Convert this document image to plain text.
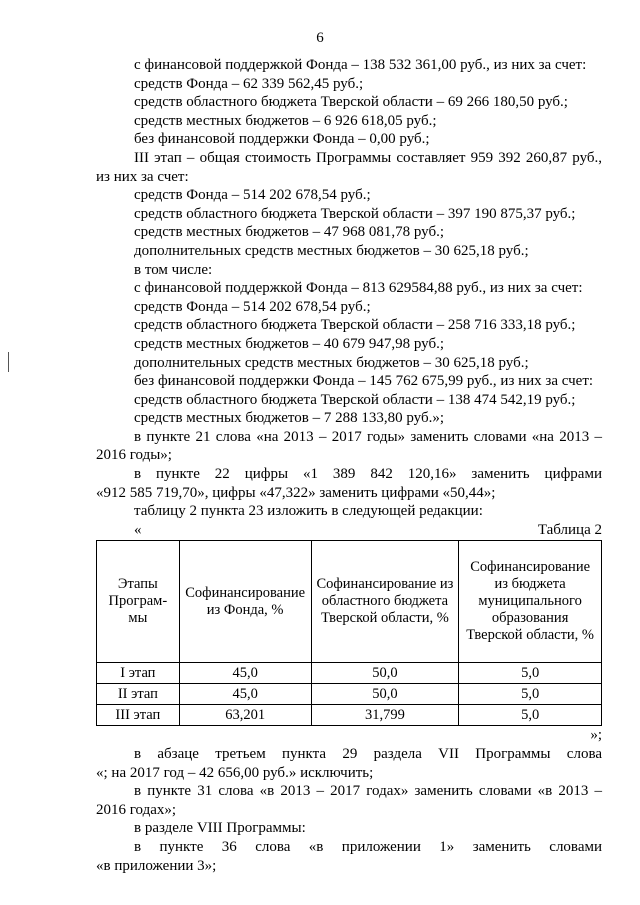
6
с финансовой поддержкой Фонда – 138 532 361,00 руб., из них за счет:
средств Фонда – 62 339 562,45 руб.;
средств областного бюджета Тверской области – 69 266 180,50 руб.;
средств местных бюджетов – 6 926 618,05 руб.;
без финансовой поддержки Фонда – 0,00 руб.;
III этап – общая стоимость Программы составляет 959 392 260,87 руб.,
из них за счет:
средств Фонда – 514 202 678,54 руб.;
средств областного бюджета Тверской области – 397 190 875,37 руб.;
средств местных бюджетов – 47 968 081,78 руб.;
дополнительных средств местных бюджетов – 30 625,18 руб.;
в том числе:
с финансовой поддержкой Фонда – 813 629584,88 руб., из них за счет:
средств Фонда – 514 202 678,54 руб.;
средств областного бюджета Тверской области – 258 716 333,18 руб.;
средств местных бюджетов – 40 679 947,98 руб.;
дополнительных средств местных бюджетов – 30 625,18 руб.;
без финансовой поддержки Фонда – 145 762 675,99 руб., из них за счет:
средств областного бюджета Тверской области – 138 474 542,19 руб.;
средств местных бюджетов – 7 288 133,80 руб.»;
в пункте 21 слова «на 2013 – 2017 годы» заменить словами «на 2013 –
2016 годы»;
в пункте 22 цифры «1 389 842 120,16» заменить цифрами
«912 585 719,70», цифры «47,322» заменить цифрами «50,44»;
таблицу 2 пункта 23 изложить в следующей редакции:
«	Таблица 2
Этапы Програм-мы	Софинансирование из Фонда, %	Софинансирование из областного бюджета Тверской области, %	Софинансирование из бюджета муниципального образования Тверской области, %
I этап	45,0	50,0	5,0
II этап	45,0	50,0	5,0
III этап	63,201	31,799	5,0
»;
в абзаце третьем пункта 29 раздела VII Программы слова
«; на 2017 год – 42 656,00 руб.» исключить;
в пункте 31 слова «в 2013 – 2017 годах» заменить словами «в 2013 –
2016 годах»;
в разделе VIII Программы:
в пункте 36 слова «в приложении 1» заменить словами
«в приложении 3»;
